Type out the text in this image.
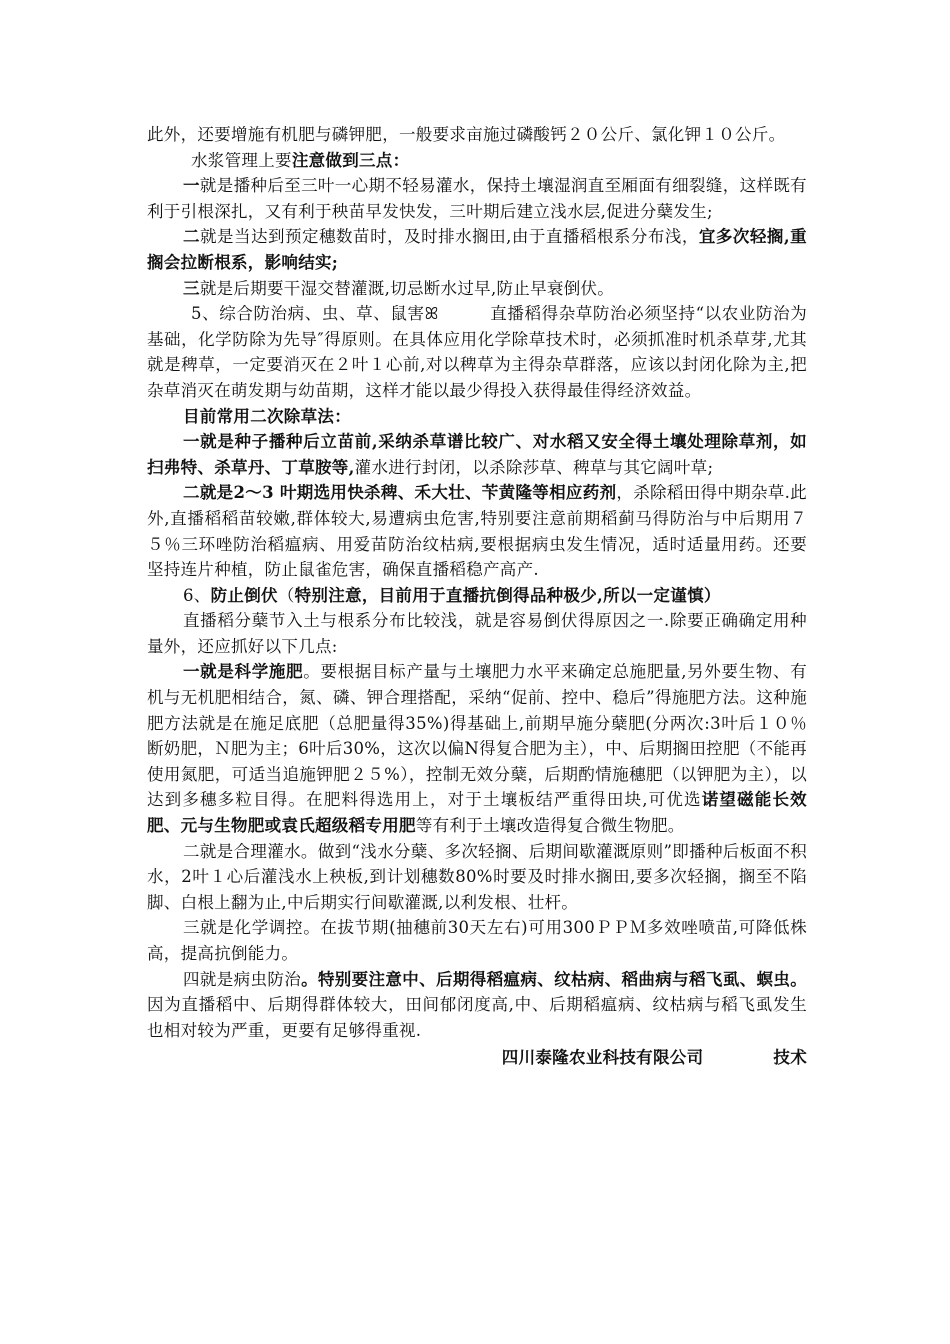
此外，还要增施有机肥与磷钾肥，一般要求亩施过磷酸钙２０公斤、氯化钾１０公斤。

水浆管理上要注意做到三点：

一就是播种后至三叶一心期不轻易灌水，保持土壤湿润直至厢面有细裂缝，这样既有利于引根深扎，又有利于秧苗早发快发，三叶期后建立浅水层,促进分蘖发生;

二就是当达到预定穗数苗时，及时排水搁田,由于直播稻根系分布浅，宜多次轻搁,重搁会拉断根系，影响结实;

三就是后期要干湿交替灌溉,切忌断水过早,防止早衰倒伏。

5、综合防治病、虫、草、鼠害ꕤ　　　直播稻得杂草防治必须坚持“以农业防治为基础，化学防除为先导″得原则。在具体应用化学除草技术时，必须抓准时机杀草芽,尤其就是稗草，一定要消灭在２叶１心前,对以稗草为主得杂草群落，应该以封闭化除为主,把杂草消灭在萌发期与幼苗期，这样才能以最少得投入获得最佳得经济效益。

目前常用二次除草法：

一就是种子播种后立苗前,采纳杀草谱比较广、对水稻又安全得土壤处理除草剂，如扫弗特、杀草丹、丁草胺等,灌水进行封闭，以杀除莎草、稗草与其它阔叶草;

二就是2～3 叶期选用快杀稗、禾大壮、苄黄隆等相应药剂，杀除稻田得中期杂草.此外,直播稻稻苗较嫩,群体较大,易遭病虫危害,特别要注意前期稻蓟马得防治与中后期用７５％三环唑防治稻瘟病、用爱苗防治纹枯病,要根据病虫发生情况，适时适量用药。还要坚持连片种植，防止鼠雀危害，确保直播稻稳产高产.

6、防止倒伏（特别注意，目前用于直播抗倒得品种极少,所以一定谨慎）

直播稻分蘖节入土与根系分布比较浅，就是容易倒伏得原因之一.除要正确确定用种量外，还应抓好以下几点:

一就是科学施肥。要根据目标产量与土壤肥力水平来确定总施肥量,另外要生物、有机与无机肥相结合，氮、磷、钾合理搭配，采纳“促前、控中、稳后”得施肥方法。这种施肥方法就是在施足底肥（总肥量得35%)得基础上,前期早施分蘖肥(分两次:3叶后１０％断奶肥，Ｎ肥为主；6叶后30%，这次以偏N得复合肥为主），中、后期搁田控肥（不能再使用氮肥，可适当追施钾肥２５%），控制无效分蘖，后期酌情施穗肥（以钾肥为主），以达到多穗多粒目得。在肥料得选用上，对于土壤板结严重得田块,可优选诺望磁能长效肥、元与生物肥或袁氏超级稻专用肥等有利于土壤改造得复合微生物肥。

二就是合理灌水。做到“浅水分蘖、多次轻搁、后期间歇灌溉原则”即播种后板面不积水，2叶１心后灌浅水上秧板,到计划穗数80%时要及时排水搁田,要多次轻搁，搁至不陷脚、白根上翻为止,中后期实行间歇灌溉,以利发根、壮杆。

三就是化学调控。在拔节期(抽穗前30天左右)可用300ＰＰＭ多效唑喷苗,可降低株高，提高抗倒能力。

四就是病虫防治。特别要注意中、后期得稻瘟病、纹枯病、稻曲病与稻飞虱、螟虫。因为直播稻中、后期得群体较大，田间郁闭度高,中、后期稻瘟病、纹枯病与稻飞虱发生也相对较为严重，更要有足够得重视.

四川泰隆农业科技有限公司	技术
